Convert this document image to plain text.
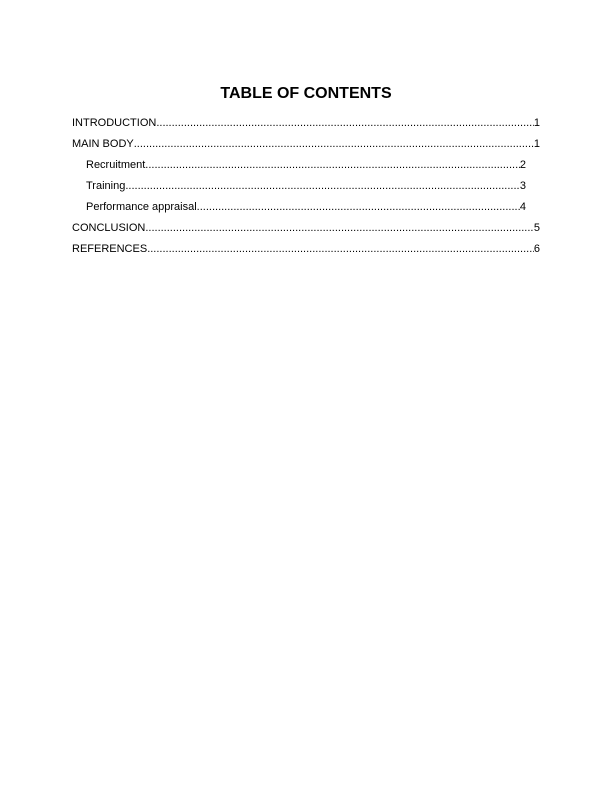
TABLE OF CONTENTS
INTRODUCTION .....	1
MAIN BODY .....	1
Recruitment .....	2
Training .....	3
Performance appraisal .....	4
CONCLUSION .....	5
REFERENCES .....	6
